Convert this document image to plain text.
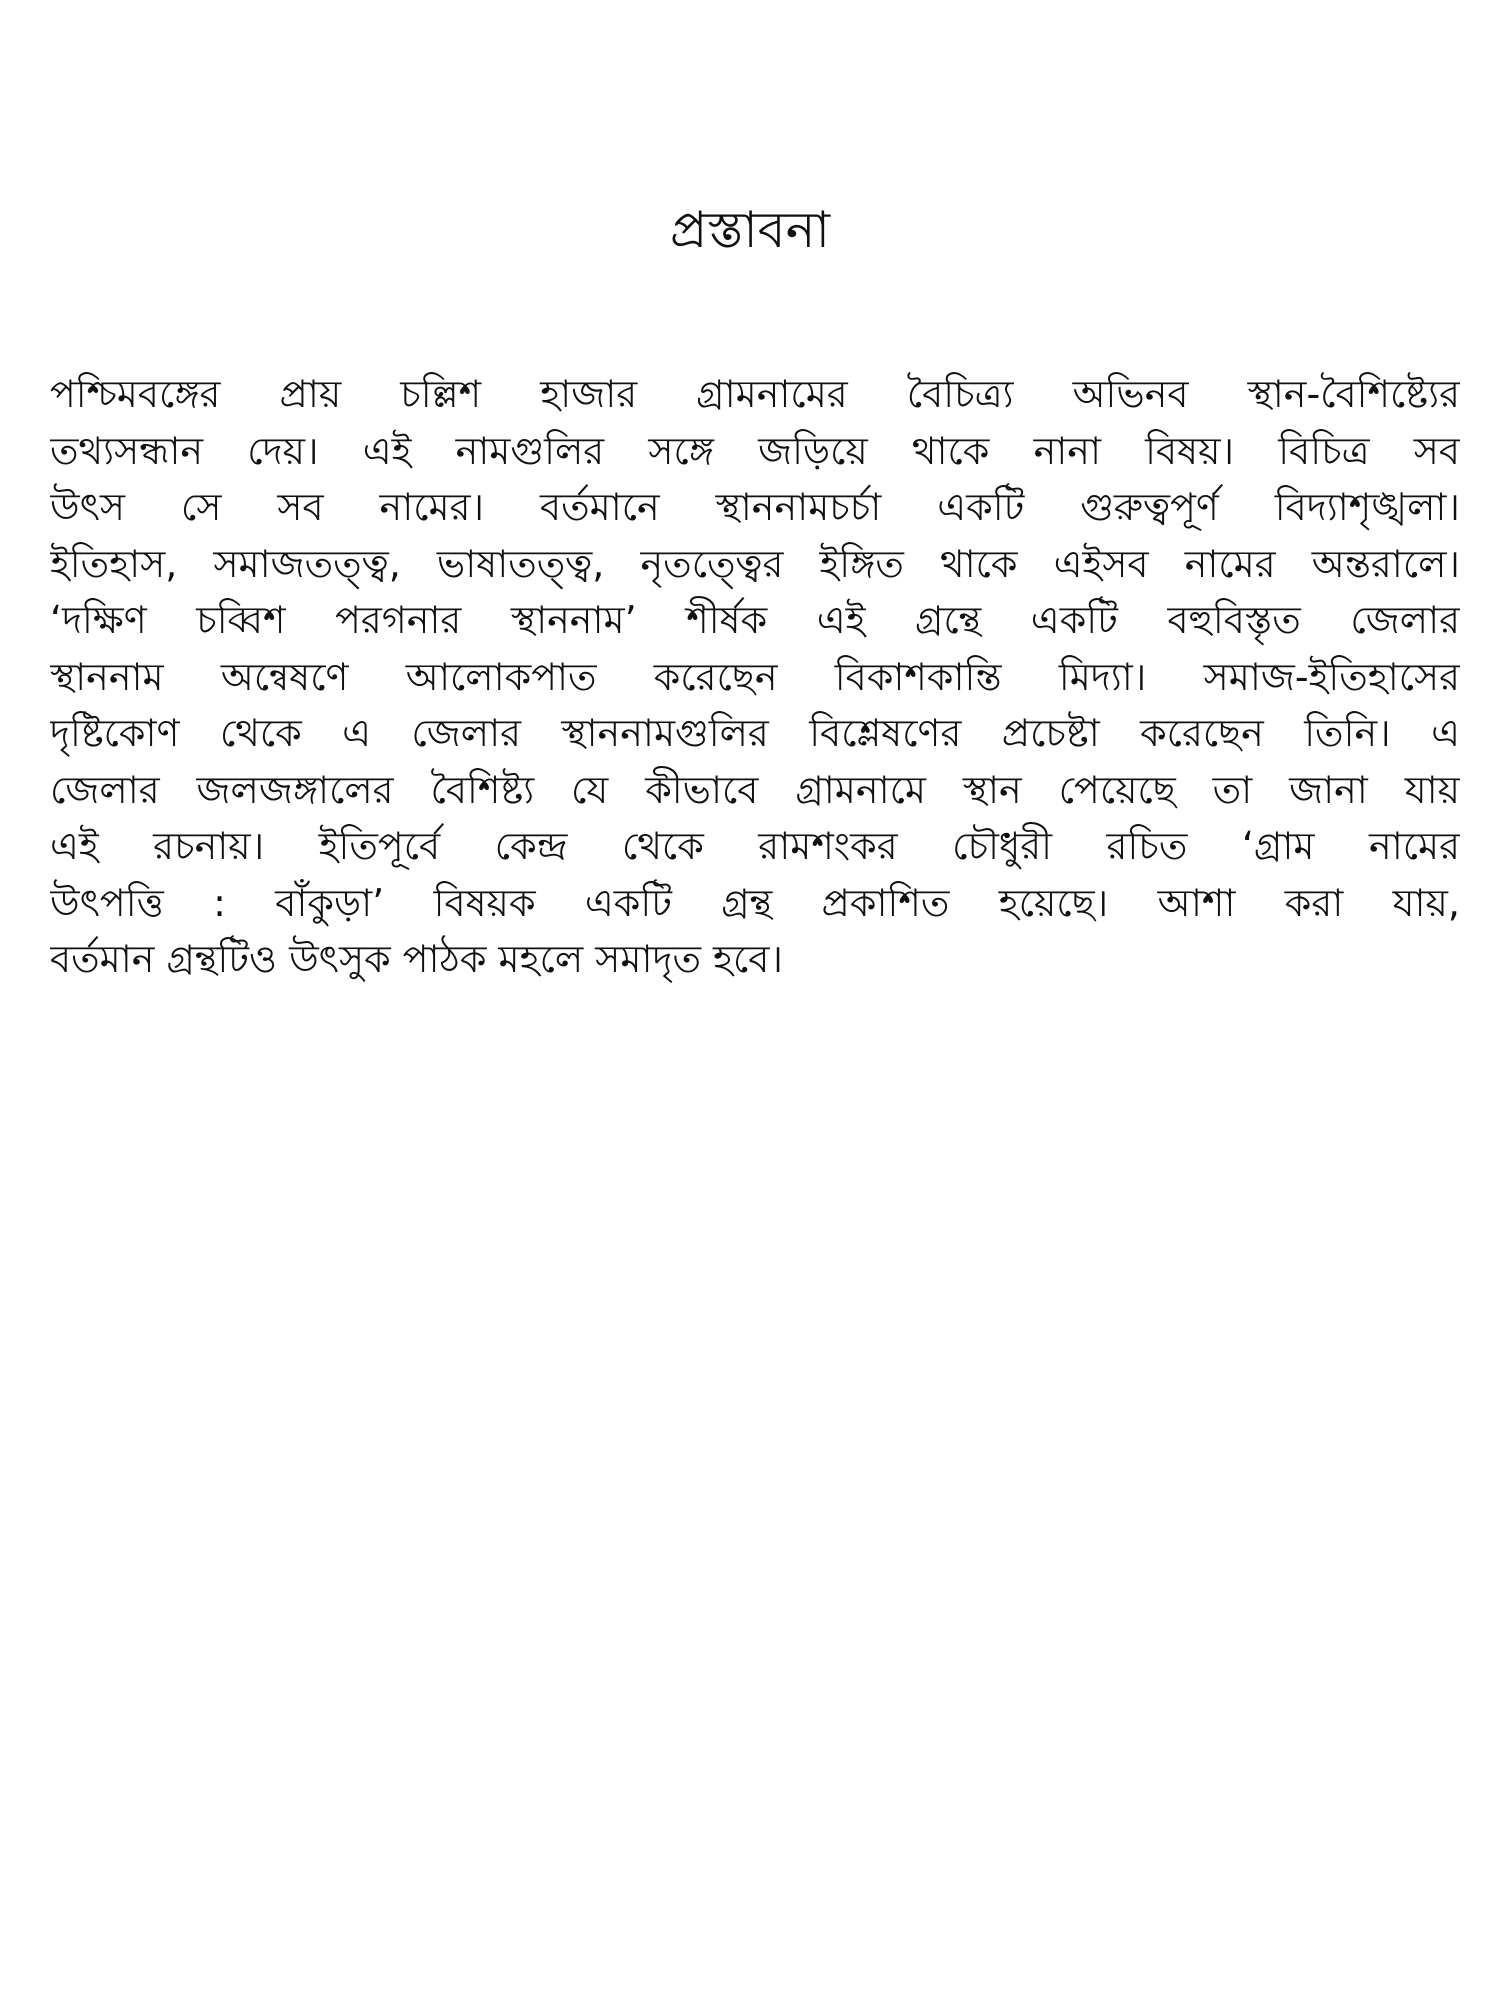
প্রস্তাবনা
পশ্চিমবঙ্গের প্রায় চল্লিশ হাজার গ্রামনামের বৈচিত্র্য অভিনব স্থান-বৈশিষ্ট্যের
তথ্যসন্ধান দেয়। এই নামগুলির সঙ্গে জড়িয়ে থাকে নানা বিষয়। বিচিত্র সব
উৎস সে সব নামের। বর্তমানে স্থাননামচর্চা একটি গুরুত্বপূর্ণ বিদ্যাশৃঙ্খলা।
ইতিহাস, সমাজতত্ত্ব, ভাষাতত্ত্ব, নৃতত্ত্বের ইঙ্গিত থাকে এইসব নামের অন্তরালে।
‘দক্ষিণ চব্বিশ পরগনার স্থাননাম’ শীর্ষক এই গ্রন্থে একটি বহুবিস্তৃত জেলার
স্থাননাম অন্বেষণে আলোকপাত করেছেন বিকাশকান্তি মিদ্যা। সমাজ-ইতিহাসের
দৃষ্টিকোণ থেকে এ জেলার স্থাননামগুলির বিশ্লেষণের প্রচেষ্টা করেছেন তিনি। এ
জেলার জলজঙ্গালের বৈশিষ্ট্য যে কীভাবে গ্রামনামে স্থান পেয়েছে তা জানা যায়
এই রচনায়। ইতিপূর্বে কেন্দ্র থেকে রামশংকর চৌধুরী রচিত ‘গ্রাম নামের
উৎপত্তি : বাঁকুড়া’ বিষয়ক একটি গ্রন্থ প্রকাশিত হয়েছে। আশা করা যায়,
বর্তমান গ্রন্থটিও উৎসুক পাঠক মহলে সমাদৃত হবে।
